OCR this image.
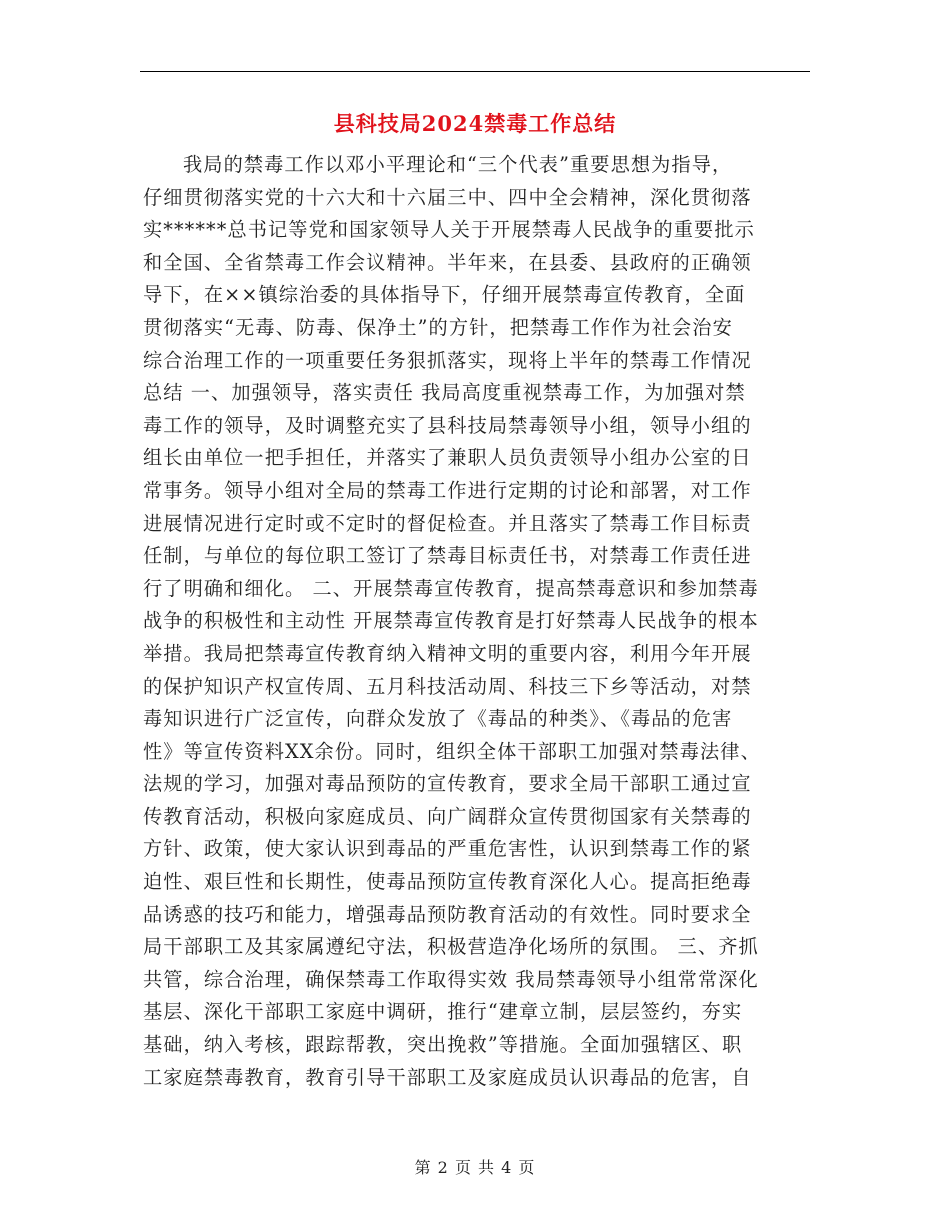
县科技局2024禁毒工作总结
我局的禁毒工作以邓小平理论和“三个代表”重要思想为指导，
仔细贯彻落实党的十六大和十六届三中、四中全会精神，深化贯彻落
实******总书记等党和国家领导人关于开展禁毒人民战争的重要批示
和全国、全省禁毒工作会议精神。半年来，在县委、县政府的正确领
导下，在××镇综治委的具体指导下，仔细开展禁毒宣传教育，全面
贯彻落实“无毒、防毒、保净土”的方针，把禁毒工作作为社会治安
综合治理工作的一项重要任务狠抓落实，现将上半年的禁毒工作情况
总结 一、加强领导，落实责任 我局高度重视禁毒工作，为加强对禁
毒工作的领导，及时调整充实了县科技局禁毒领导小组，领导小组的
组长由单位一把手担任，并落实了兼职人员负责领导小组办公室的日
常事务。领导小组对全局的禁毒工作进行定期的讨论和部署，对工作
进展情况进行定时或不定时的督促检查。并且落实了禁毒工作目标责
任制，与单位的每位职工签订了禁毒目标责任书，对禁毒工作责任进
行了明确和细化。 二、开展禁毒宣传教育，提高禁毒意识和参加禁毒
战争的积极性和主动性 开展禁毒宣传教育是打好禁毒人民战争的根本
举措。我局把禁毒宣传教育纳入精神文明的重要内容，利用今年开展
的保护知识产权宣传周、五月科技活动周、科技三下乡等活动，对禁
毒知识进行广泛宣传，向群众发放了《毒品的种类》、《毒品的危害
性》等宣传资料XX余份。同时，组织全体干部职工加强对禁毒法律、
法规的学习，加强对毒品预防的宣传教育，要求全局干部职工通过宣
传教育活动，积极向家庭成员、向广阔群众宣传贯彻国家有关禁毒的
方针、政策，使大家认识到毒品的严重危害性，认识到禁毒工作的紧
迫性、艰巨性和长期性，使毒品预防宣传教育深化人心。提高拒绝毒
品诱惑的技巧和能力，增强毒品预防教育活动的有效性。同时要求全
局干部职工及其家属遵纪守法，积极营造净化场所的氛围。 三、齐抓
共管，综合治理，确保禁毒工作取得实效 我局禁毒领导小组常常深化
基层、深化干部职工家庭中调研，推行“建章立制，层层签约，夯实
基础，纳入考核，跟踪帮教，突出挽救”等措施。全面加强辖区、职
工家庭禁毒教育，教育引导干部职工及家庭成员认识毒品的危害，自
第 2 页 共 4 页
